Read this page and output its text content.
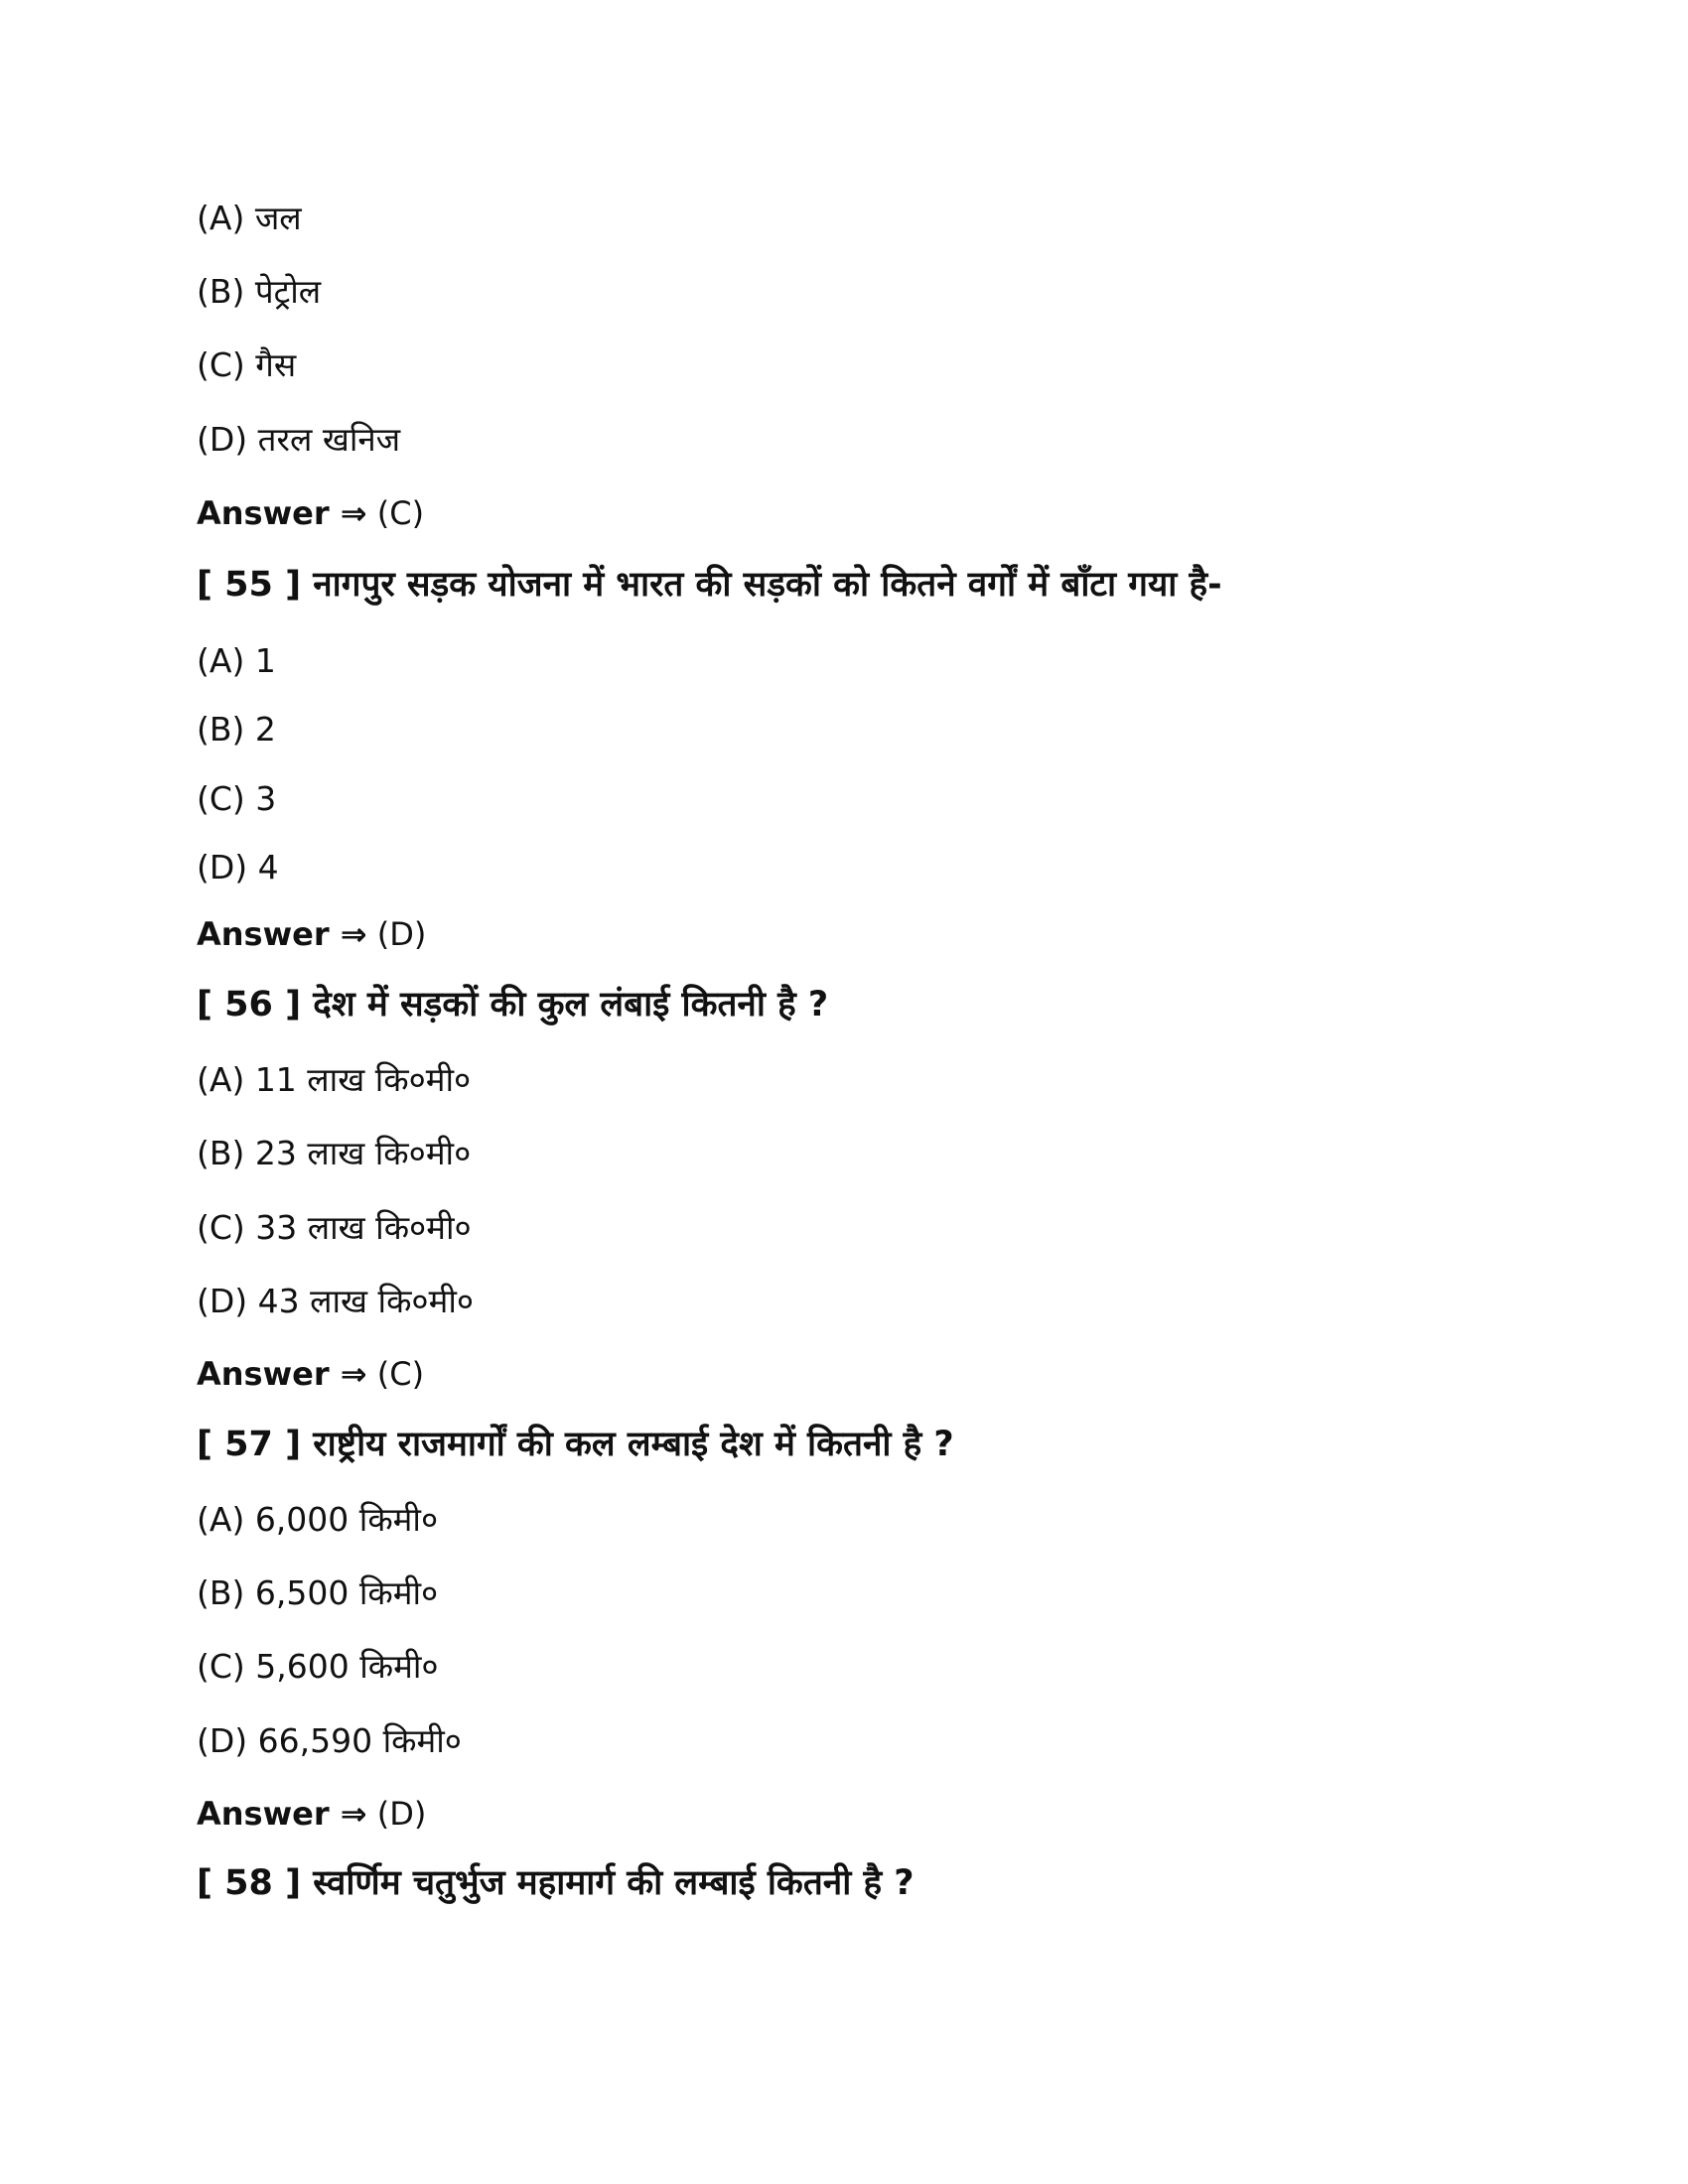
(A) जल
(B) पेट्रोल
(C) गैस
(D) तरल खनिज
Answer ⇒ (C)
[ 55 ] नागपुर सड़क योजना में भारत की सड़कों को कितने वर्गों में बाँटा गया है-
(A) 1
(B) 2
(C) 3
(D) 4
Answer ⇒ (D)
[ 56 ] देश में सड़कों की कुल लंबाई कितनी है ?
(A) 11 लाख कि०मी०
(B) 23 लाख कि०मी०
(C) 33 लाख कि०मी०
(D) 43 लाख कि०मी०
Answer ⇒ (C)
[ 57 ] राष्ट्रीय राजमार्गों की कल लम्बाई देश में कितनी है ?
(A) 6,000 किमी०
(B) 6,500 किमी०
(C) 5,600 किमी०
(D) 66,590 किमी०
Answer ⇒ (D)
[ 58 ] स्वर्णिम चतुर्भुज महामार्ग की लम्बाई कितनी है ?
